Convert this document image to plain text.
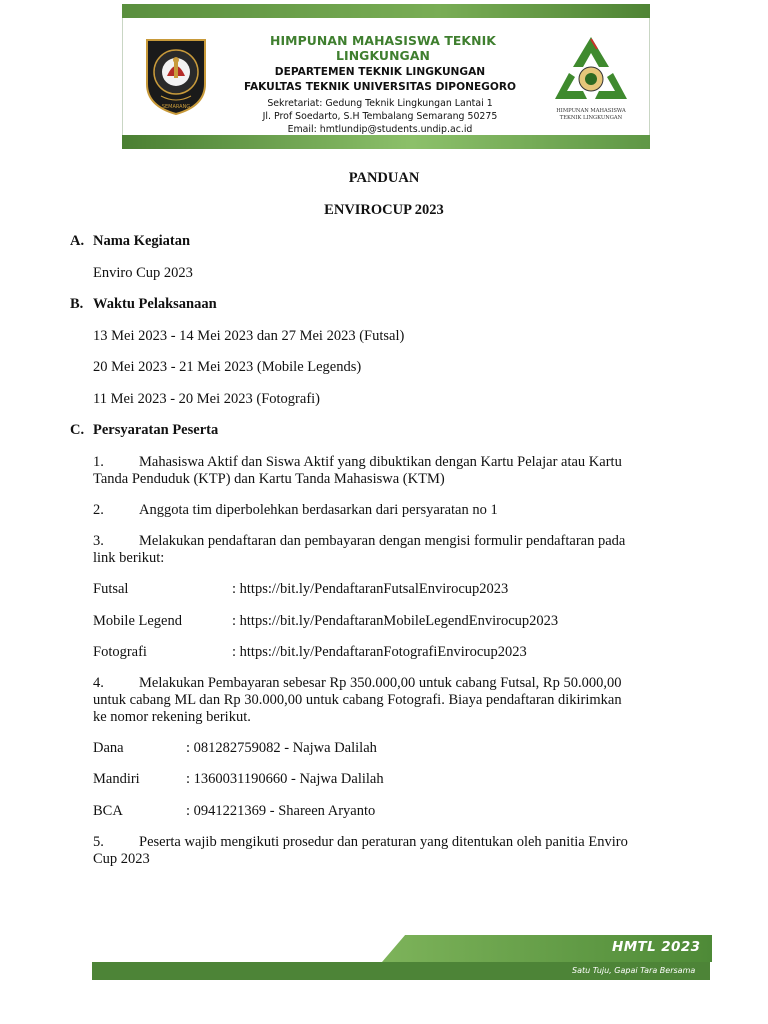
SEMARANG
HIMPUNAN MAHASISWA TEKNIK LINGKUNGAN
DEPARTEMEN TEKNIK LINGKUNGAN
FAKULTAS TEKNIK UNIVERSITAS DIPONEGORO
Sekretariat: Gedung Teknik Lingkungan Lantai 1
Jl. Prof Soedarto, S.H Tembalang Semarang 50275
Email: hmtlundip@students.undip.ac.id
HIMPUNAN MAHASISWA
TEKNIK LINGKUNGAN
PANDUAN
ENVIROCUP 2023
A. Nama Kegiatan
Enviro Cup 2023
B. Waktu Pelaksanaan
13 Mei 2023 - 14 Mei 2023 dan 27 Mei 2023 (Futsal)
20 Mei 2023 - 21 Mei 2023 (Mobile Legends)
11 Mei 2023 - 20 Mei 2023 (Fotografi)
C. Persyaratan Peserta
1. Mahasiswa Aktif dan Siswa Aktif yang dibuktikan dengan Kartu Pelajar atau Kartu
Tanda Penduduk (KTP) dan Kartu Tanda Mahasiswa (KTM)
2. Anggota tim diperbolehkan berdasarkan dari persyaratan no 1
3. Melakukan pendaftaran dan pembayaran dengan mengisi formulir pendaftaran pada
link berikut:
Futsal	: https://bit.ly/PendaftaranFutsalEnvirocup2023
Mobile Legend	: https://bit.ly/PendaftaranMobileLegendEnvirocup2023
Fotografi	: https://bit.ly/PendaftaranFotografiEnvirocup2023
4. Melakukan Pembayaran sebesar Rp 350.000,00 untuk cabang Futsal, Rp 50.000,00
untuk cabang ML dan Rp 30.000,00 untuk cabang Fotografi. Biaya pendaftaran dikirimkan
ke nomor rekening berikut.
Dana	: 081282759082 - Najwa Dalilah
Mandiri	: 1360031190660 - Najwa Dalilah
BCA	: 0941221369 - Shareen Aryanto
5. Peserta wajib mengikuti prosedur dan peraturan yang ditentukan oleh panitia Enviro
Cup 2023
HMTL 2023
Satu Tuju, Gapai Tara Bersama
